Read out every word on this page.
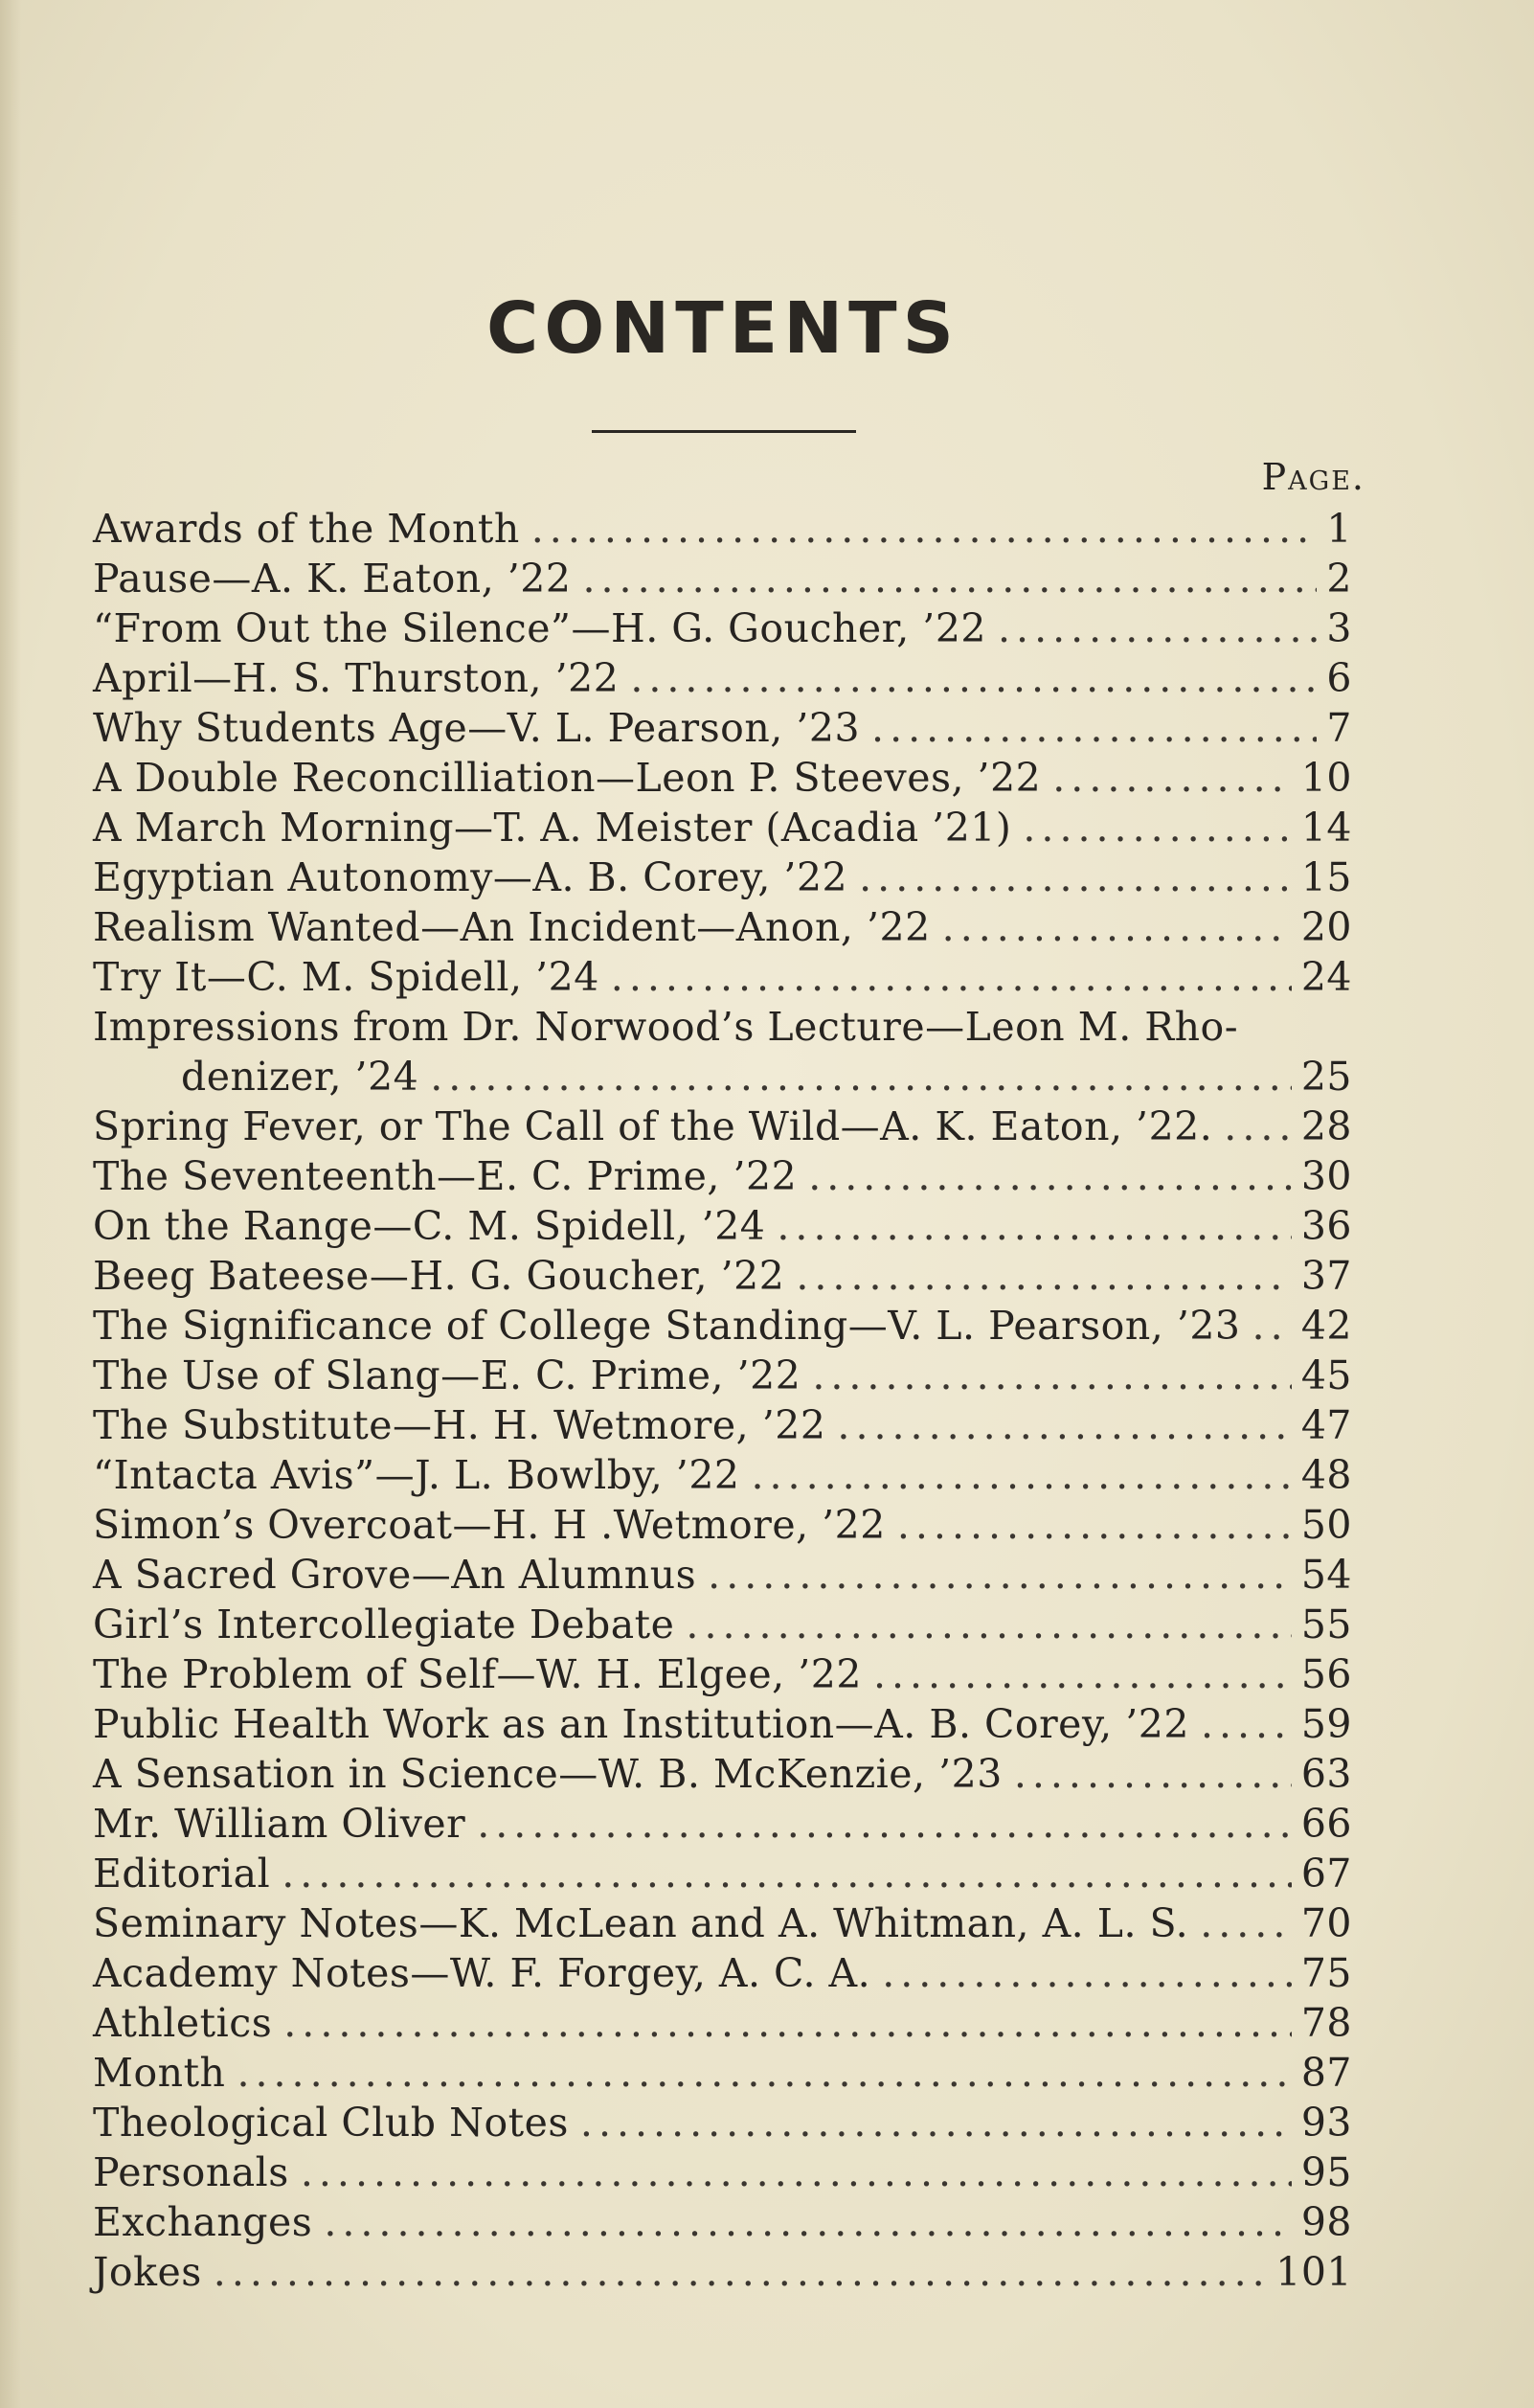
CONTENTS
Page.
Awards of the Month .....	1
Pause—A. K. Eaton, ’22 .....	2
“From Out the Silence”—H. G. Goucher, ’22 .....	3
April—H. S. Thurston, ’22 .....	6
Why Students Age—V. L. Pearson, ’23 .....	7
A Double Reconcilliation—Leon P. Steeves, ’22 .....	10
A March Morning—T. A. Meister (Acadia ’21) .....	14
Egyptian Autonomy—A. B. Corey, ’22 .....	15
Realism Wanted—An Incident—Anon, ’22 .....	20
Try It—C. M. Spidell, ’24 .....	24
Impressions from Dr. Norwood’s Lecture—Leon M. Rho-
denizer, ’24 .....	25
Spring Fever, or The Call of the Wild—A. K. Eaton, ’22. ..... 28
The Seventeenth—E. C. Prime, ’22 .....	30
On the Range—C. M. Spidell, ’24 .....	36
Beeg Bateese—H. G. Goucher, ’22 .....	37
The Significance of College Standing—V. L. Pearson, ’23 ..... 42
The Use of Slang—E. C. Prime, ’22 .....	45
The Substitute—H. H. Wetmore, ’22 .....	47
“Intacta Avis”—J. L. Bowlby, ’22 .....	48
Simon’s Overcoat—H. H .Wetmore, ’22 .....	50
A Sacred Grove—An Alumnus .....	54
Girl’s Intercollegiate Debate .....	55
The Problem of Self—W. H. Elgee, ’22 .....	56
Public Health Work as an Institution—A. B. Corey, ’22 .....	59
A Sensation in Science—W. B. McKenzie, ’23 .....	63
Mr. William Oliver .....	66
Editorial .....	67
Seminary Notes—K. McLean and A. Whitman, A. L. S. .....	70
Academy Notes—W. F. Forgey, A. C. A. .....	75
Athletics .....	78
Month .....	87
Theological Club Notes .....	93
Personals .....	95
Exchanges .....	98
Jokes .....	101
